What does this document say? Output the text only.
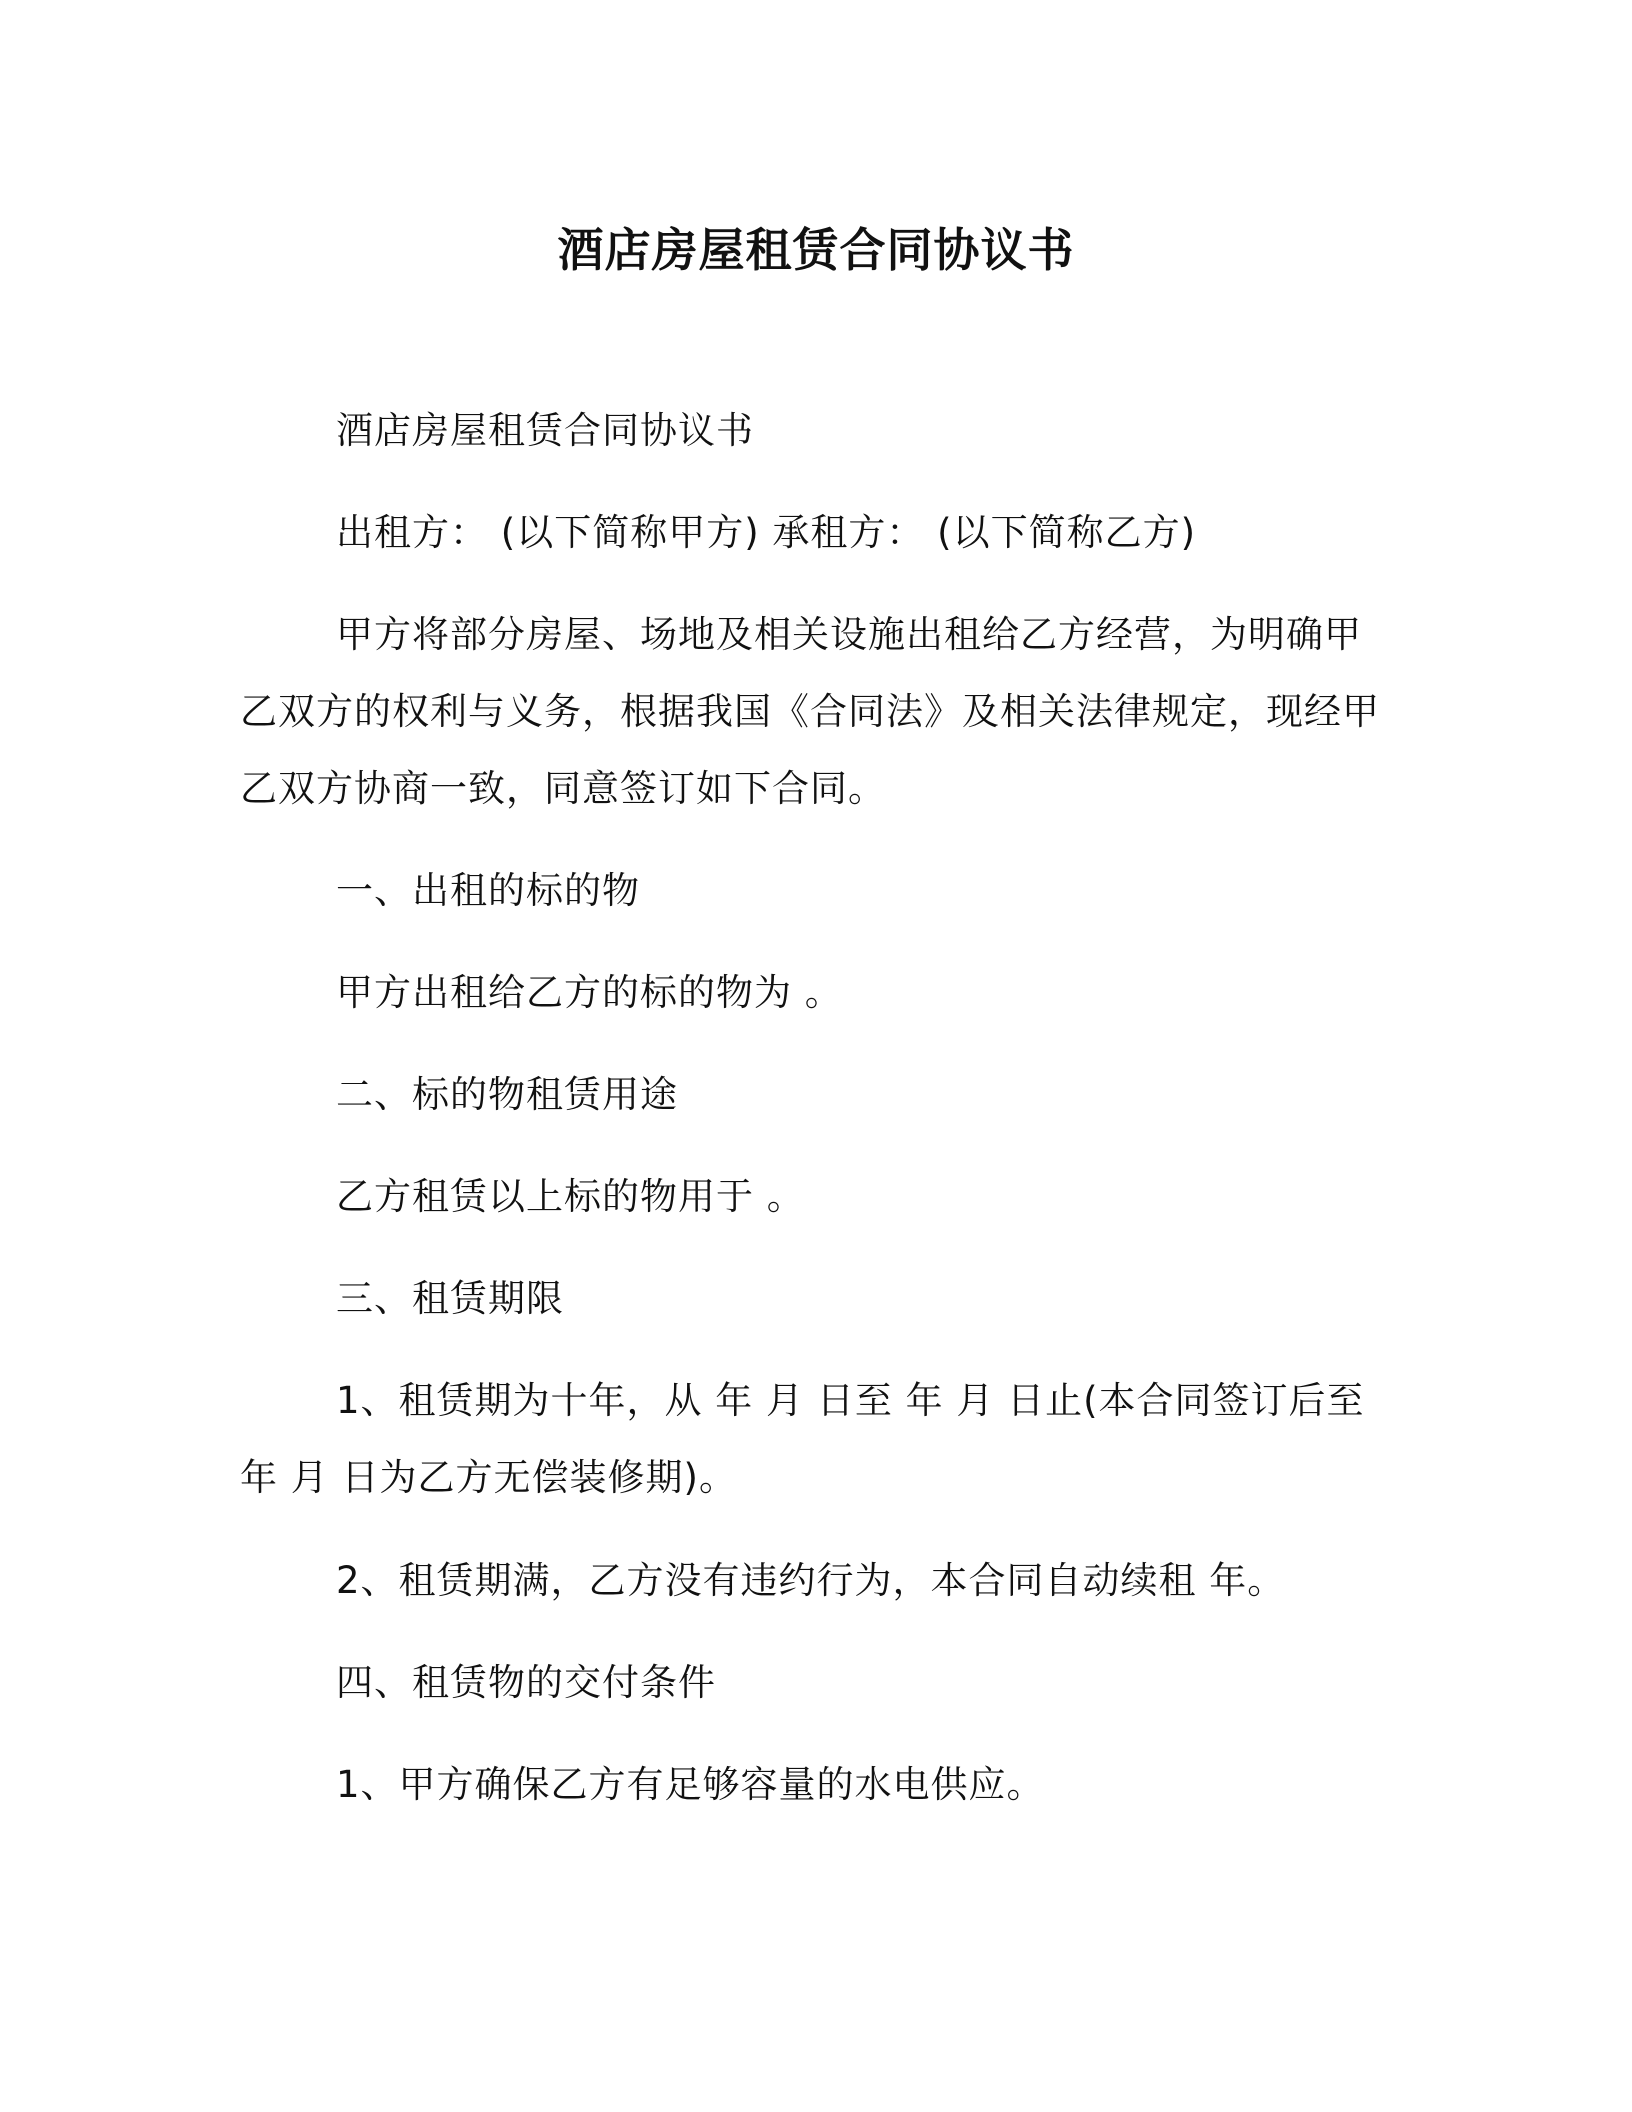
酒店房屋租赁合同协议书

酒店房屋租赁合同协议书

出租方： (以下简称甲方) 承租方： (以下简称乙方)

甲方将部分房屋、场地及相关设施出租给乙方经营，为明确甲乙双方的权利与义务，根据我国《合同法》及相关法律规定，现经甲乙双方协商一致，同意签订如下合同。

一、出租的标的物

甲方出租给乙方的标的物为 。

二、标的物租赁用途

乙方租赁以上标的物用于 。

三、租赁期限

1、租赁期为十年，从 年 月 日至 年 月 日止(本合同签订后至 年 月 日为乙方无偿装修期)。

2、租赁期满，乙方没有违约行为，本合同自动续租 年。

四、租赁物的交付条件

1、甲方确保乙方有足够容量的水电供应。
